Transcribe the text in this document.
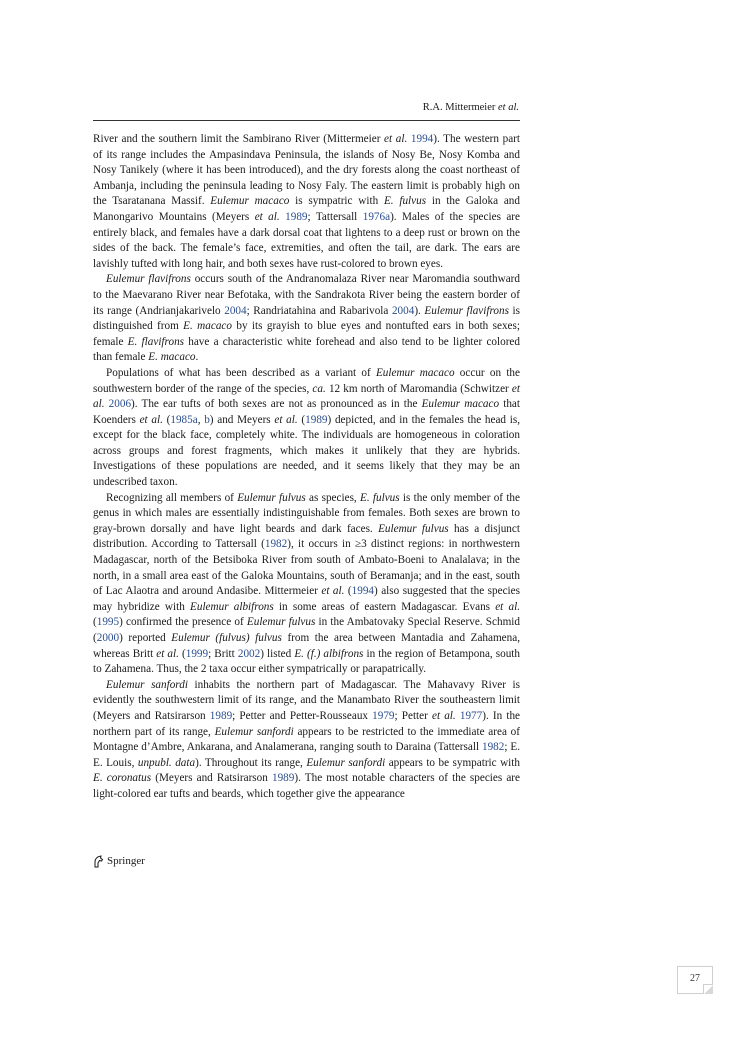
R.A. Mittermeier et al.

River and the southern limit the Sambirano River (Mittermeier et al. 1994). The western part of its range includes the Ampasindava Peninsula, the islands of Nosy Be, Nosy Komba and Nosy Tanikely (where it has been introduced), and the dry forests along the coast northeast of Ambanja, including the peninsula leading to Nosy Faly. The eastern limit is probably high on the Tsaratanana Massif. Eulemur macaco is sympatric with E. fulvus in the Galoka and Manongarivo Mountains (Meyers et al. 1989; Tattersall 1976a). Males of the species are entirely black, and females have a dark dorsal coat that lightens to a deep rust or brown on the sides of the back. The female’s face, extremities, and often the tail, are dark. The ears are lavishly tufted with long hair, and both sexes have rust-colored to brown eyes.

Eulemur flavifrons occurs south of the Andranomalaza River near Maromandia southward to the Maevarano River near Befotaka, with the Sandrakota River being the eastern border of its range (Andrianjakarivelo 2004; Randriatahina and Rabarivola 2004). Eulemur flavifrons is distinguished from E. macaco by its grayish to blue eyes and nontufted ears in both sexes; female E. flavifrons have a characteristic white forehead and also tend to be lighter colored than female E. macaco.

Populations of what has been described as a variant of Eulemur macaco occur on the southwestern border of the range of the species, ca. 12 km north of Maromandia (Schwitzer et al. 2006). The ear tufts of both sexes are not as pronounced as in the Eulemur macaco that Koenders et al. (1985a, b) and Meyers et al. (1989) depicted, and in the females the head is, except for the black face, completely white. The individuals are homogeneous in coloration across groups and forest fragments, which makes it unlikely that they are hybrids. Investigations of these populations are needed, and it seems likely that they may be an undescribed taxon.

Recognizing all members of Eulemur fulvus as species, E. fulvus is the only member of the genus in which males are essentially indistinguishable from females. Both sexes are brown to gray-brown dorsally and have light beards and dark faces. Eulemur fulvus has a disjunct distribution. According to Tattersall (1982), it occurs in ≥3 distinct regions: in northwestern Madagascar, north of the Betsiboka River from south of Ambato-Boeni to Analalava; in the north, in a small area east of the Galoka Mountains, south of Beramanja; and in the east, south of Lac Alaotra and around Andasibe. Mittermeier et al. (1994) also suggested that the species may hybridize with Eulemur albifrons in some areas of eastern Madagascar. Evans et al. (1995) confirmed the presence of Eulemur fulvus in the Ambatovaky Special Reserve. Schmid (2000) reported Eulemur (fulvus) fulvus from the area between Mantadia and Zahamena, whereas Britt et al. (1999; Britt 2002) listed E. (f.) albifrons in the region of Betampona, south to Zahamena. Thus, the 2 taxa occur either sympatrically or parapatrically.

Eulemur sanfordi inhabits the northern part of Madagascar. The Mahavavy River is evidently the southwestern limit of its range, and the Manambato River the southeastern limit (Meyers and Ratsirarson 1989; Petter and Petter-Rousseaux 1979; Petter et al. 1977). In the northern part of its range, Eulemur sanfordi appears to be restricted to the immediate area of Montagne d’Ambre, Ankarana, and Analamerana, ranging south to Daraina (Tattersall 1982; E. E. Louis, unpubl. data). Throughout its range, Eulemur sanfordi appears to be sympatric with E. coronatus (Meyers and Ratsirarson 1989). The most notable characters of the species are light-colored ear tufts and beards, which together give the appearance

Springer
27
